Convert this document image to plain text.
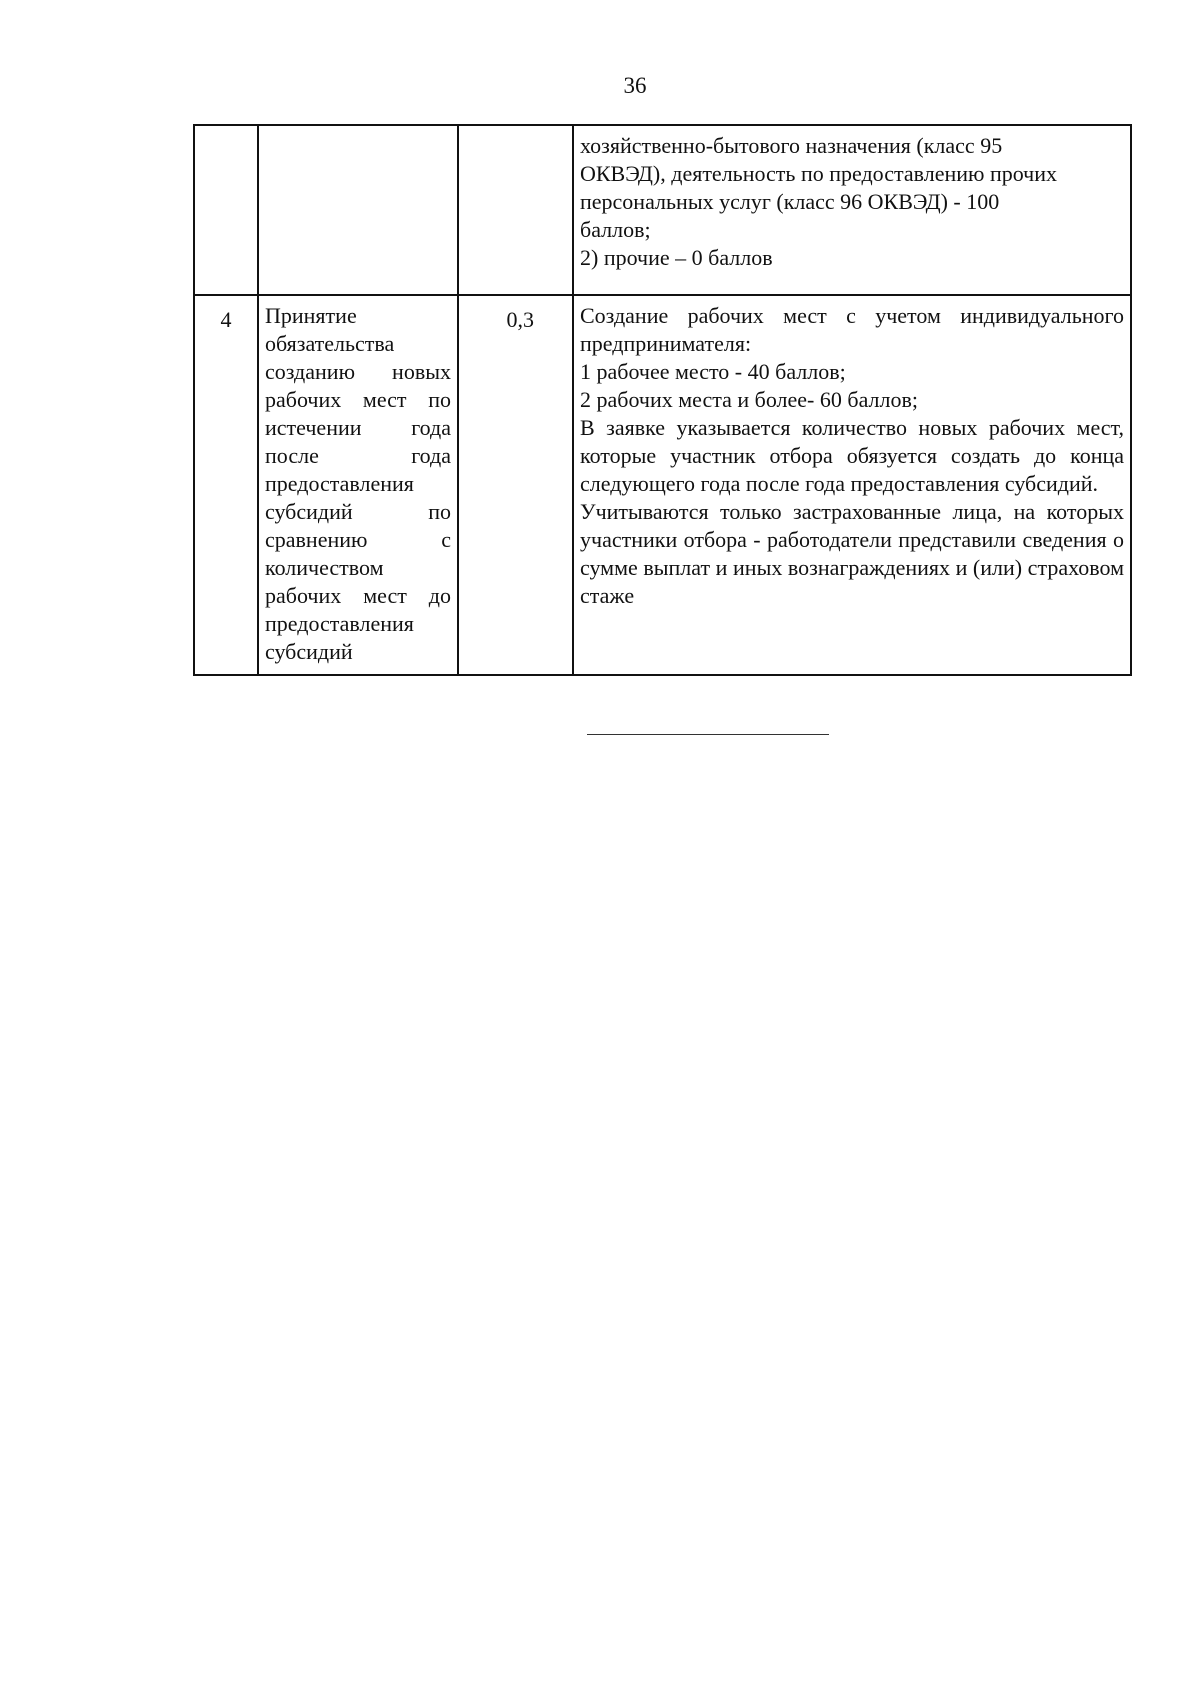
36

			хозяйственно-бытового назначения (класс 95
ОКВЭД), деятельность по предоставлению прочих
персональных услуг (класс 96 ОКВЭД) - 100
баллов;
2) прочие – 0 баллов

4	Принятие обязательства созданию новых рабочих мест по истечении года после года предоставления субсидий по сравнению с количеством рабочих мест до предоставления субсидий	0,3	Создание рабочих мест с учетом индивидуального предпринимателя:
1 рабочее место - 40 баллов;
2 рабочих места и более- 60 баллов;
В заявке указывается количество новых рабочих мест, которые участник отбора обязуется создать до конца следующего года после года предоставления субсидий.
Учитываются только застрахованные лица, на которых участники отбора - работодатели представили сведения о сумме выплат и иных вознаграждениях и (или) страховом стаже
